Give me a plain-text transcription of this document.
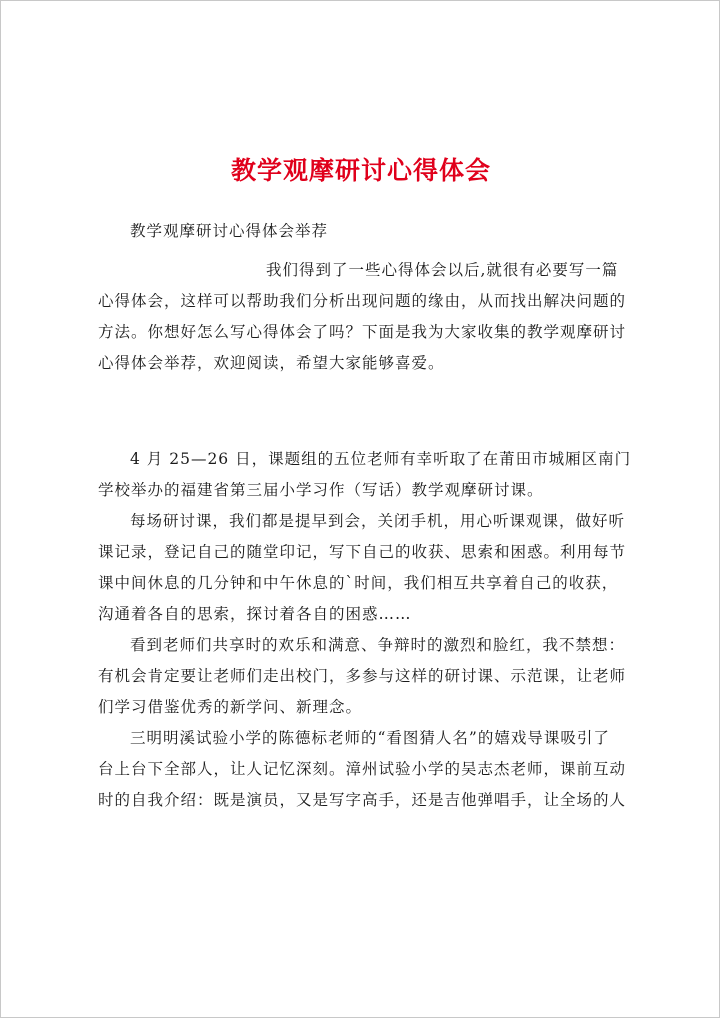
教学观摩研讨心得体会

教学观摩研讨心得体会举荐

我们得到了一些心得体会以后,就很有必要写一篇
心得体会，这样可以帮助我们分析出现问题的缘由，从而找出解决问题的
方法。你想好怎么写心得体会了吗？下面是我为大家收集的教学观摩研讨
心得体会举荐，欢迎阅读，希望大家能够喜爱。
4 月 25—26 日，课题组的五位老师有幸听取了在莆田市城厢区南门
学校举办的福建省第三届小学习作（写话）教学观摩研讨课。
每场研讨课，我们都是提早到会，关闭手机，用心听课观课，做好听
课记录，登记自己的随堂印记，写下自己的收获、思索和困惑。利用每节
课中间休息的几分钟和中午休息的`时间，我们相互共享着自己的收获，
沟通着各自的思索，探讨着各自的困惑……
看到老师们共享时的欢乐和满意、争辩时的激烈和脸红，我不禁想：
有机会肯定要让老师们走出校门，多参与这样的研讨课、示范课，让老师
们学习借鉴优秀的新学问、新理念。
三明明溪试验小学的陈德标老师的“看图猜人名”的嬉戏导课吸引了
台上台下全部人，让人记忆深刻。漳州试验小学的吴志杰老师，课前互动
时的自我介绍：既是演员，又是写字高手，还是吉他弹唱手，让全场的人
